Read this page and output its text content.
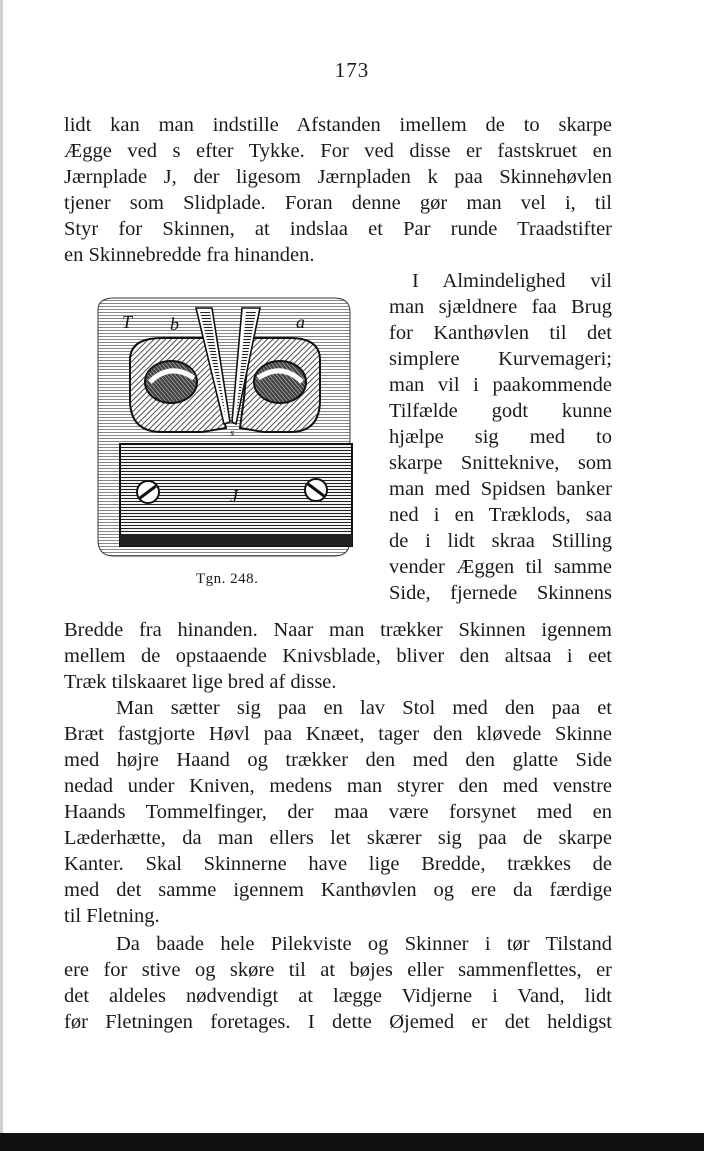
173
lidt kan man indstille Afstanden imellem de to skarpe
Ægge ved s efter Tykke. For ved disse er fastskruet en
Jærnplade J, der ligesom Jærnpladen k paa Skinnehøvlen
tjener som Slidplade. Foran denne gør man vel i, til
Styr for Skinnen, at indslaa et Par runde Traadstifter
en Skinnebredde fra hinanden.
I Almindelighed vil
man sjældnere faa Brug
for Kanthøvlen til det
simplere Kurvemageri;
man vil i paakommende
Tilfælde godt kunne
hjælpe sig med to
skarpe Snitteknive, som
man med Spidsen banker
ned i en Træklods, saa
de i lidt skraa Stilling
vender Æggen til samme
Side, fjernede Skinnens
T b	a
s
J
Tgn. 248.
Bredde fra hinanden. Naar man trækker Skinnen igennem
mellem de opstaaende Knivsblade, bliver den altsaa i eet
Træk tilskaaret lige bred af disse.
Man sætter sig paa en lav Stol med den paa et
Bræt fastgjorte Høvl paa Knæet, tager den kløvede Skinne
med højre Haand og trækker den med den glatte Side
nedad under Kniven, medens man styrer den med venstre
Haands Tommelfinger, der maa være forsynet med en
Læderhætte, da man ellers let skærer sig paa de skarpe
Kanter. Skal Skinnerne have lige Bredde, trækkes de
med det samme igennem Kanthøvlen og ere da færdige
til Fletning.
Da baade hele Pilekviste og Skinner i tør Tilstand
ere for stive og skøre til at bøjes eller sammenflettes, er
det aldeles nødvendigt at lægge Vidjerne i Vand, lidt
før Fletningen foretages. I dette Øjemed er det heldigst
